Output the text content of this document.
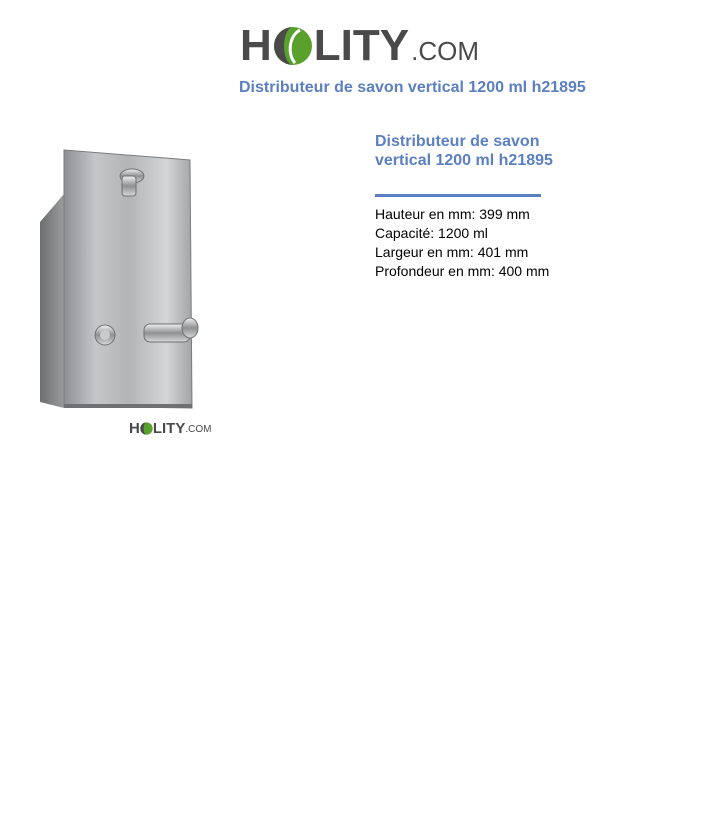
H LITY .COM
Distributeur de savon vertical 1200 ml h21895
H LITY .COM
Distributeur de savon vertical 1200 ml h21895
Hauteur en mm: 399 mm
Capacité: 1200 ml
Largeur en mm: 401 mm
Profondeur en mm: 400 mm
